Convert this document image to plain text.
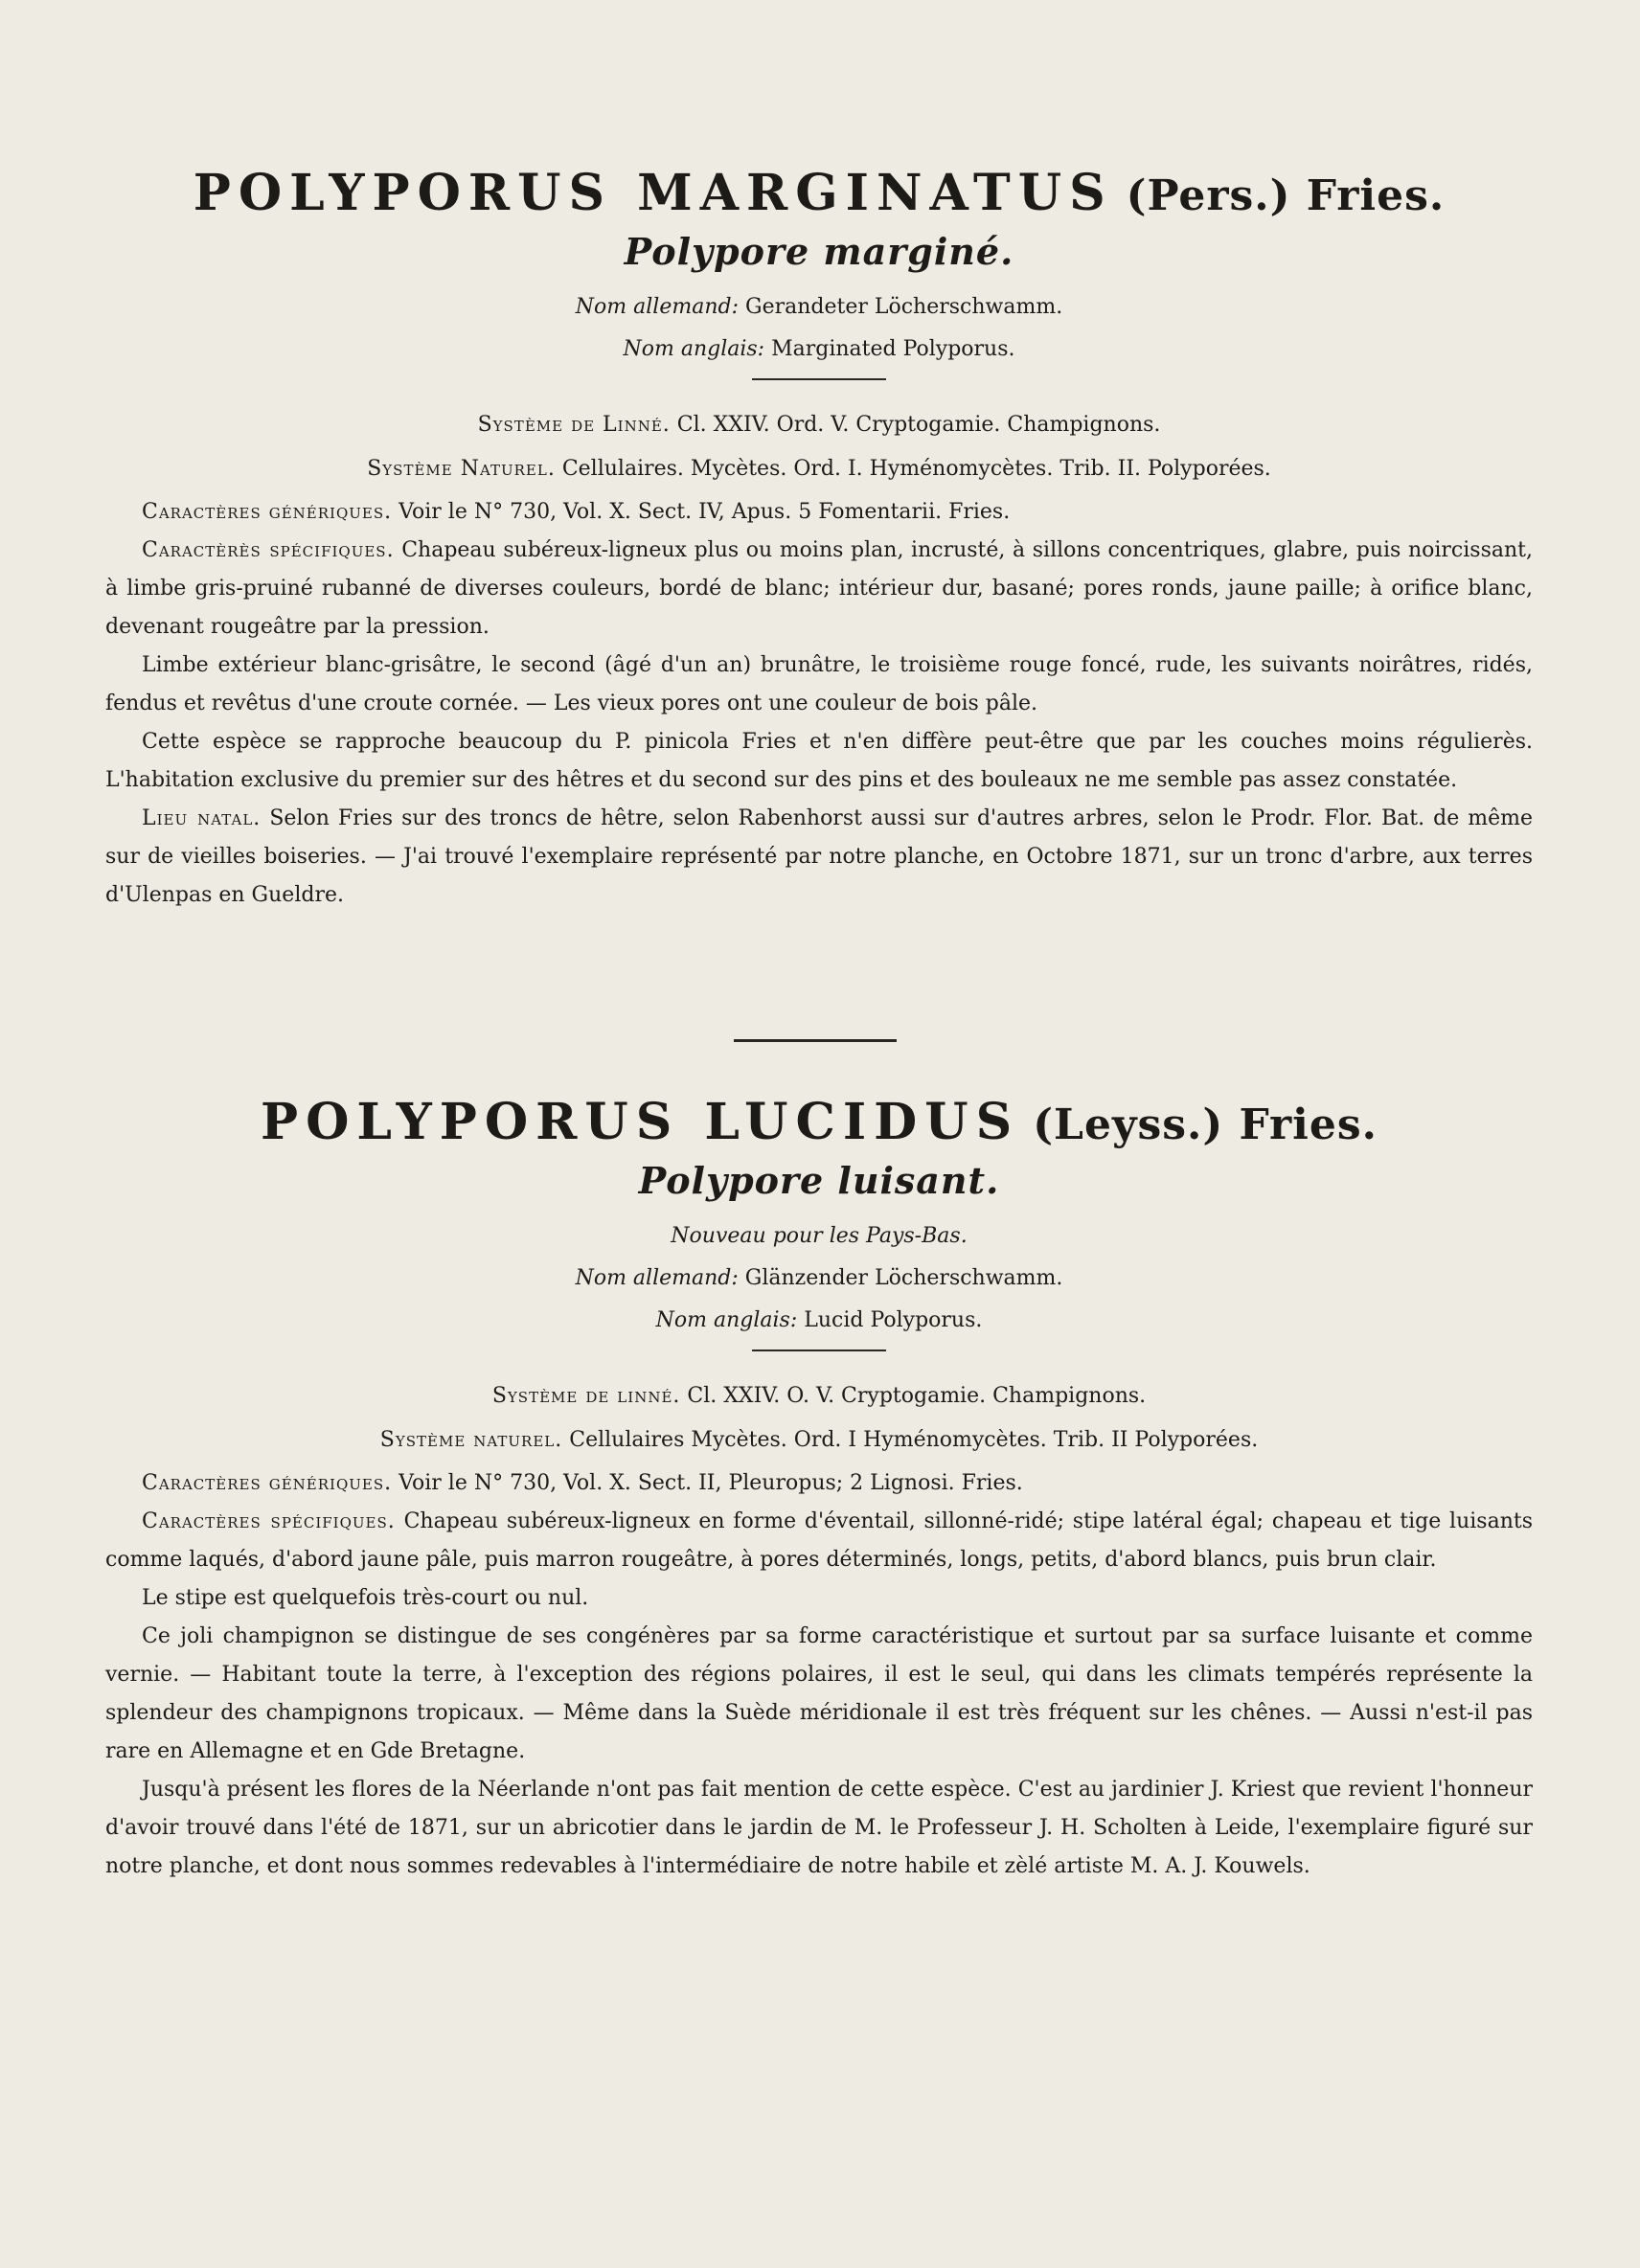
POLYPORUS MARGINATUS (Pers.) Fries.

Polypore marginé.

Nom allemand: Gerandeter Löcherschwamm.
Nom anglais: Marginated Polyporus.
Système de Linné. Cl. XXIV. Ord. V. Cryptogamie. Champignons.
Système Naturel. Cellulaires. Mycètes. Ord. I. Hyménomycètes. Trib. II. Polyporées.

Caractères génériques. Voir le N° 730, Vol. X. Sect. IV, Apus. 5 Fomentarii. Fries.

Caractèrès spécifiques. Chapeau subéreux-ligneux plus ou moins plan, incrusté, à sillons concentriques, glabre, puis noircissant, à limbe gris-pruiné rubanné de diverses couleurs, bordé de blanc; intérieur dur, basané; pores ronds, jaune paille; à orifice blanc, devenant rougeâtre par la pression.

Limbe extérieur blanc-grisâtre, le second (âgé d'un an) brunâtre, le troisième rouge foncé, rude, les suivants noirâtres, ridés, fendus et revêtus d'une croute cornée. — Les vieux pores ont une couleur de bois pâle.

Cette espèce se rapproche beaucoup du P. pinicola Fries et n'en diffère peut-être que par les couches moins régulierès. L'habitation exclusive du premier sur des hêtres et du second sur des pins et des bouleaux ne me semble pas assez constatée.

Lieu natal. Selon Fries sur des troncs de hêtre, selon Rabenhorst aussi sur d'autres arbres, selon le Prodr. Flor. Bat. de même sur de vieilles boiseries. — J'ai trouvé l'exemplaire représenté par notre planche, en Octobre 1871, sur un tronc d'arbre, aux terres d'Ulenpas en Gueldre.

POLYPORUS LUCIDUS (Leyss.) Fries.

Polypore luisant.

Nouveau pour les Pays-Bas.
Nom allemand: Glänzender Löcherschwamm.
Nom anglais: Lucid Polyporus.
Système de linné. Cl. XXIV. O. V. Cryptogamie. Champignons.
Système naturel. Cellulaires Mycètes. Ord. I Hyménomycètes. Trib. II Polyporées.

Caractères génériques. Voir le N° 730, Vol. X. Sect. II, Pleuropus; 2 Lignosi. Fries.

Caractères spécifiques. Chapeau subéreux-ligneux en forme d'éventail, sillonné-ridé; stipe latéral égal; chapeau et tige luisants comme laqués, d'abord jaune pâle, puis marron rougeâtre, à pores déterminés, longs, petits, d'abord blancs, puis brun clair.

Le stipe est quelquefois très-court ou nul.

Ce joli champignon se distingue de ses congénères par sa forme caractéristique et surtout par sa surface luisante et comme vernie. — Habitant toute la terre, à l'exception des régions polaires, il est le seul, qui dans les climats tempérés représente la splendeur des champignons tropicaux. — Même dans la Suède méridionale il est très fréquent sur les chênes. — Aussi n'est-il pas rare en Allemagne et en Gde Bretagne.

Jusqu'à présent les flores de la Néerlande n'ont pas fait mention de cette espèce. C'est au jardinier J. Kriest que revient l'honneur d'avoir trouvé dans l'été de 1871, sur un abricotier dans le jardin de M. le Professeur J. H. Scholten à Leide, l'exemplaire figuré sur notre planche, et dont nous sommes redevables à l'intermédiaire de notre habile et zèlé artiste M. A. J. Kouwels.
